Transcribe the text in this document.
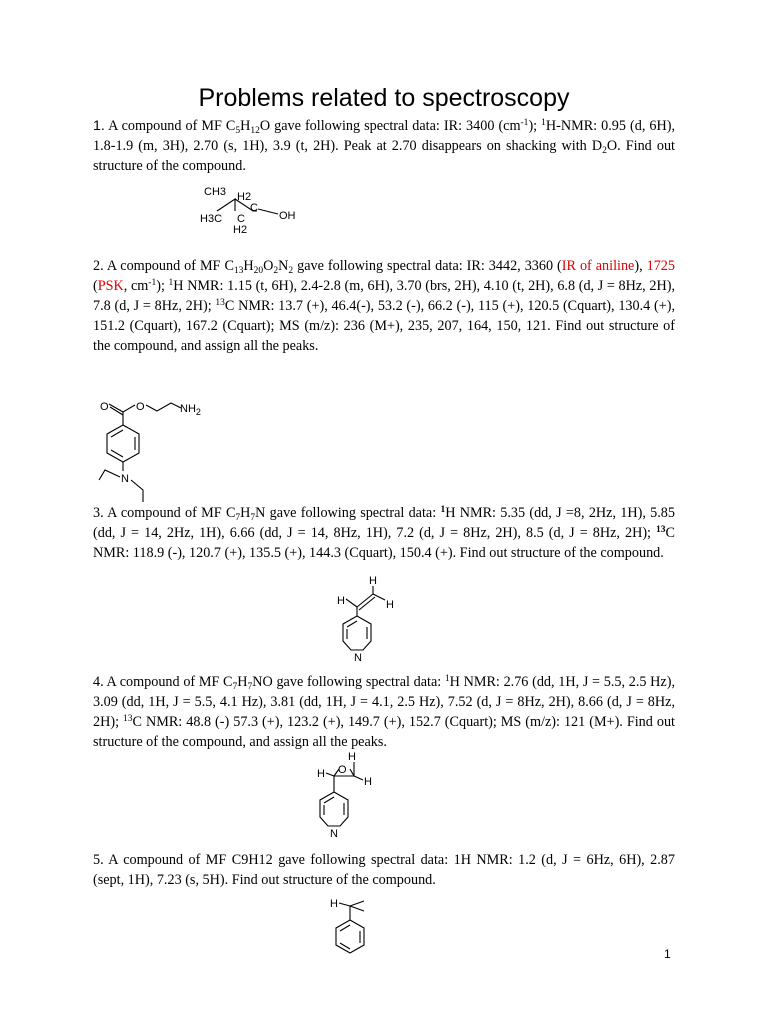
Problems related to spectroscopy
1. A compound of MF $C_5H_{12}O$ gave following spectral data: IR: 3400 $(cm^{-1})$; $^1$H-NMR: 0.95 (d, 6H), 1.8-1.9 (m, 3H), 2.70 (s, 1H), 3.9 (t, 2H). Peak at 2.70 disappears on shacking with $D_2O$. Find out structure of the compound.
CH3 H2
C
H3C C	OH
H2
2. A compound of MF $C_{13}H_{20}O_2N_2$ gave following spectral data: IR: 3442, 3360 (IR of aniline), 1725 (PSK, $cm^{-1}$); $^1$H NMR: 1.15 (t, 6H), 2.4-2.8 (m, 6H), 3.70 (brs, 2H), 4.10 (t, 2H), 6.8 (d, J = 8Hz, 2H), 7.8 (d, J = 8Hz, 2H); $^{13}$C NMR: 13.7 (+), 46.4(-), 53.2 (-), 66.2 (-), 115 (+), 120.5 (Cquart), 130.4 (+), 151.2 (Cquart), 167.2 (Cquart); MS (m/z): 236 (M+), 235, 207, 164, 150, 121. Find out structure of the compound, and assign all the peaks.
O O	$NH_2$
N
3. A compound of MF $C_7H_7N$ gave following spectral data: $^1$H NMR: 5.35 (dd, J =8, 2Hz, 1H), 5.85 (dd, J = 14, 2Hz, 1H), 6.66 (dd, J = 14, 8Hz, 1H), 7.2 (d, J = 8Hz, 2H), 8.5 (d, J = 8Hz, 2H); $^{13}$C NMR: 118.9 (-), 120.7 (+), 135.5 (+), 144.3 (Cquart), 150.4 (+). Find out structure of the compound.
H
H	H
N
4. A compound of MF $C_7H_7NO$ gave following spectral data: $^1$H NMR: 2.76 (dd, 1H, J = 5.5, 2.5 Hz), 3.09 (dd, 1H, J = 5.5, 4.1 Hz), 3.81 (dd, 1H, J = 4.1, 2.5 Hz), 7.52 (d, J = 8Hz, 2H), 8.66 (d, J = 8Hz, 2H); $^{13}$C NMR: 48.8 (-) 57.3 (+), 123.2 (+), 149.7 (+), 152.7 (Cquart); MS (m/z): 121 (M+). Find out structure of the compound, and assign all the peaks.
H
H O
H
N
5. A compound of MF C9H12 gave following spectral data: 1H NMR: 1.2 (d, J = 6Hz, 6H), 2.87 (sept, 1H), 7.23 (s, 5H). Find out structure of the compound.
H
1
